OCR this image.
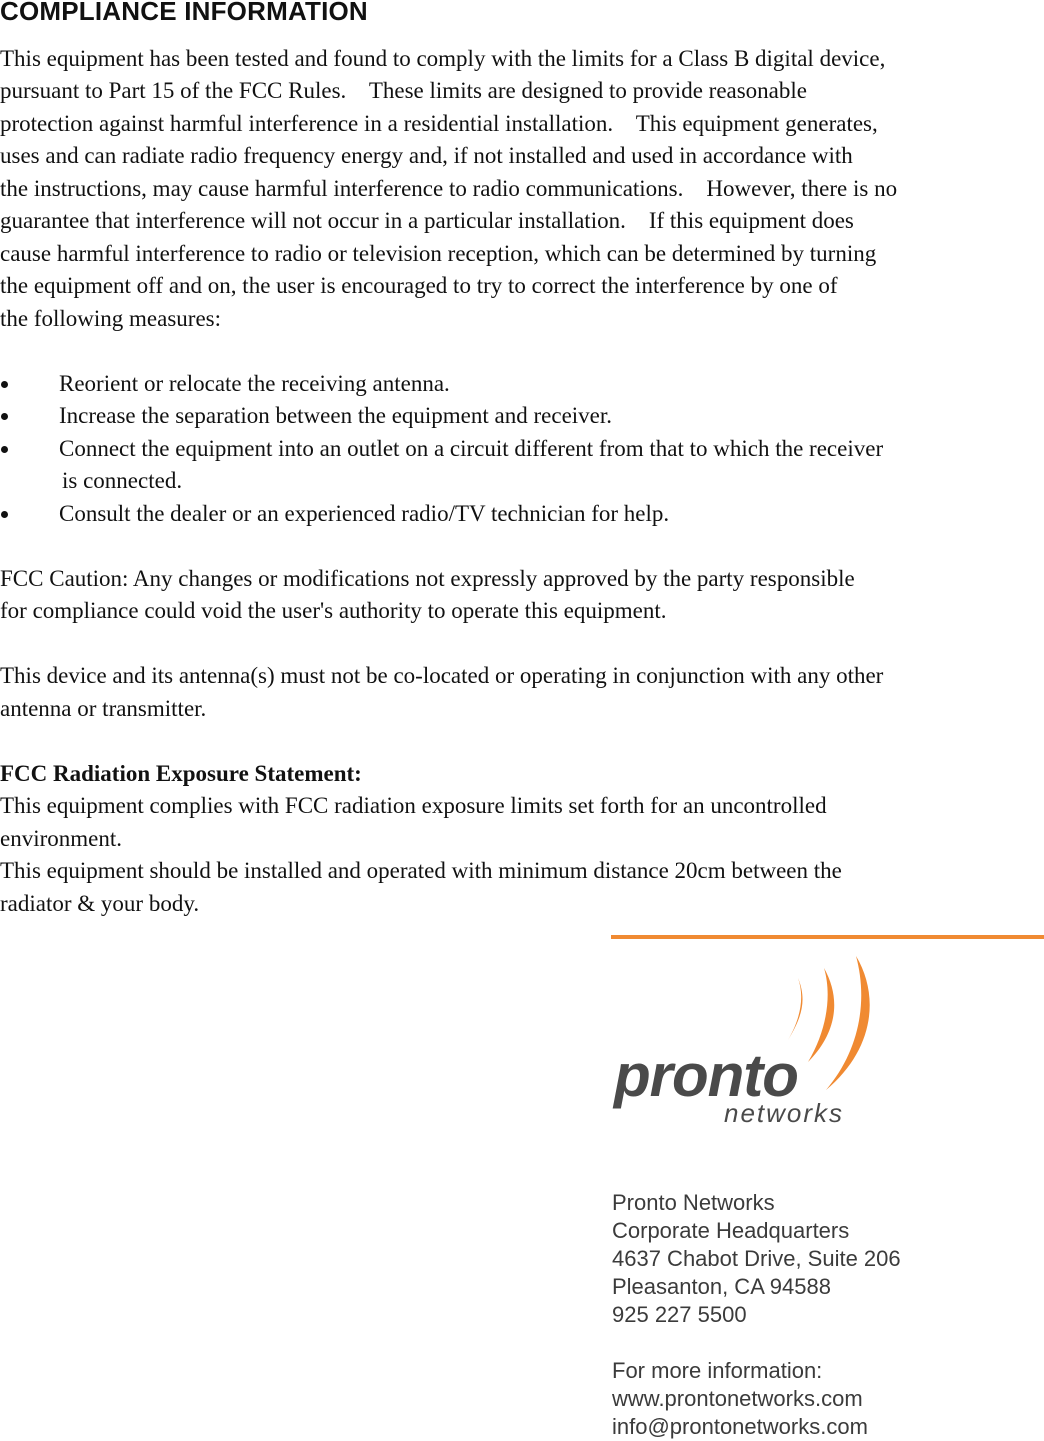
COMPLIANCE INFORMATION
This equipment has been tested and found to comply with the limits for a Class B digital device,
pursuant to Part 15 of the FCC Rules.    These limits are designed to provide reasonable
protection against harmful interference in a residential installation.    This equipment generates,
uses and can radiate radio frequency energy and, if not installed and used in accordance with
the instructions, may cause harmful interference to radio communications.    However, there is no
guarantee that interference will not occur in a particular installation.    If this equipment does
cause harmful interference to radio or television reception, which can be determined by turning
the equipment off and on, the user is encouraged to try to correct the interference by one of
the following measures:
Reorient or relocate the receiving antenna.
Increase the separation between the equipment and receiver.
Connect the equipment into an outlet on a circuit different from that to which the receiver
is connected.
Consult the dealer or an experienced radio/TV technician for help.
FCC Caution: Any changes or modifications not expressly approved by the party responsible
for compliance could void the user's authority to operate this equipment.
This device and its antenna(s) must not be co-located or operating in conjunction with any other
antenna or transmitter.
FCC Radiation Exposure Statement:
This equipment complies with FCC radiation exposure limits set forth for an uncontrolled
environment.
This equipment should be installed and operated with minimum distance 20cm between the
radiator & your body.
pronto
networks
Pronto Networks
Corporate Headquarters
4637 Chabot Drive, Suite 206
Pleasanton, CA 94588
925 227 5500
For more information:
www.prontonetworks.com
info@prontonetworks.com
